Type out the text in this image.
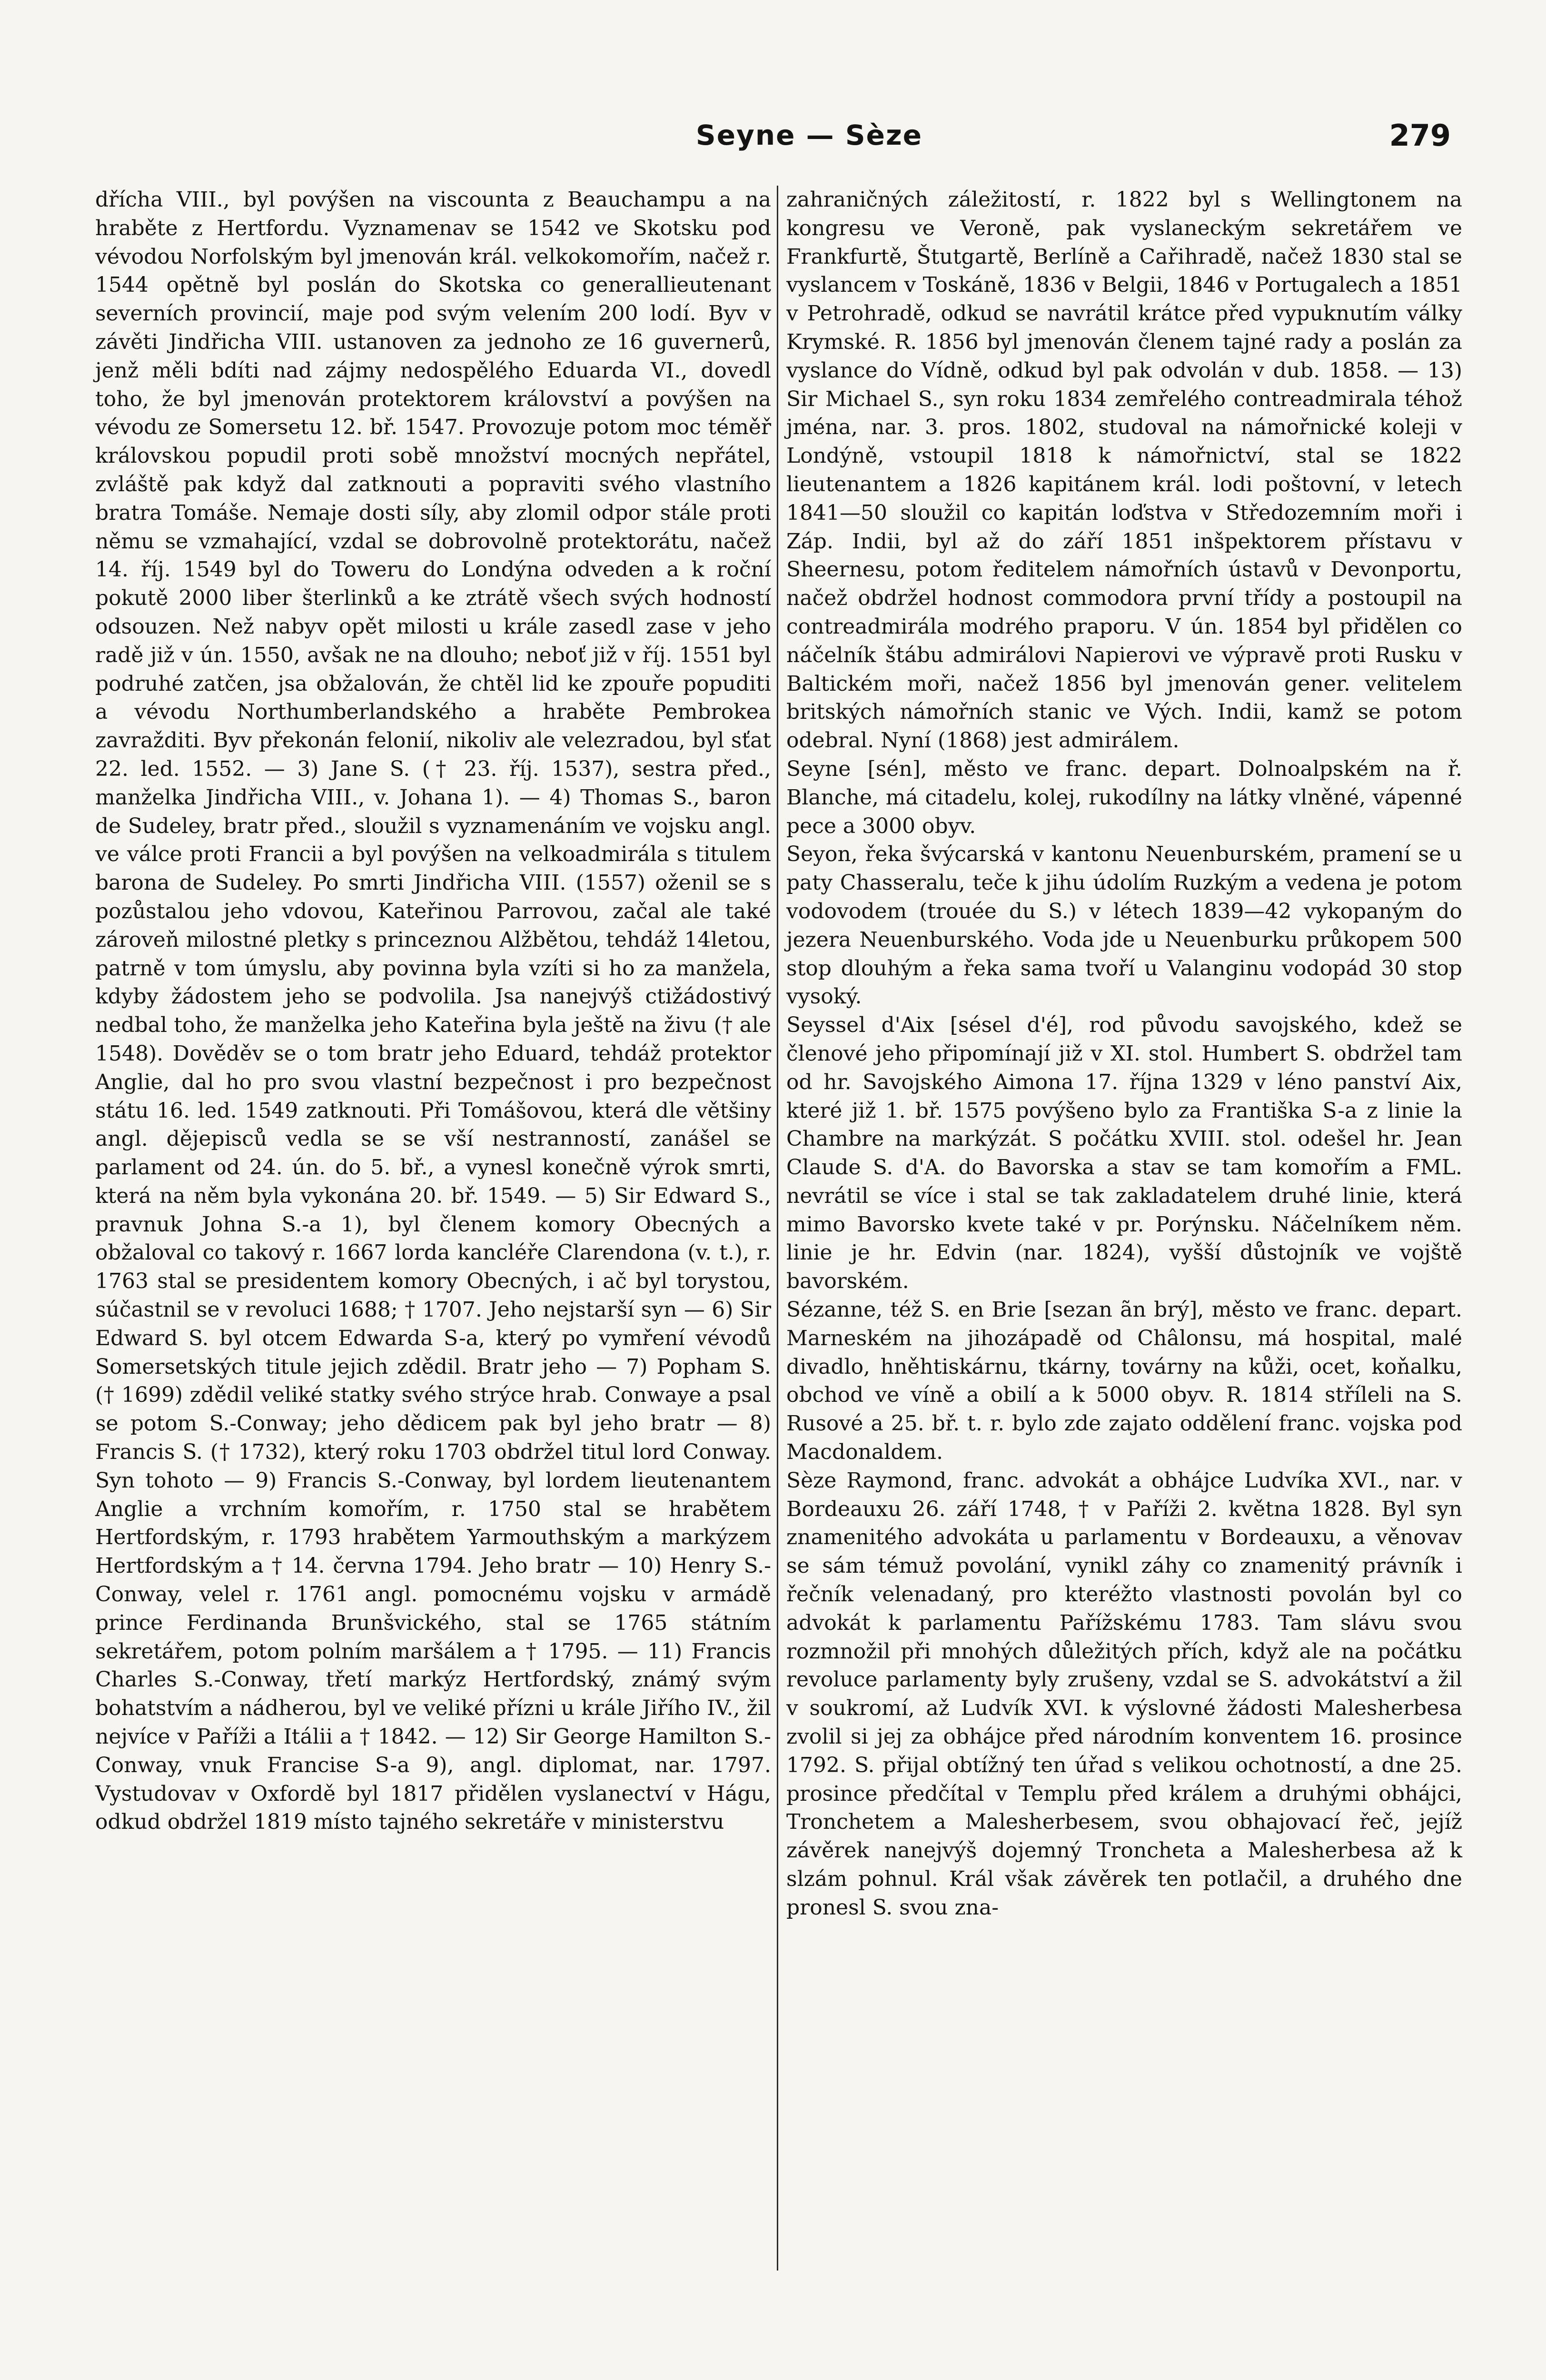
Seyne — Sèze	279

dřícha VIII., byl povýšen na viscounta z Beauchampu a na hraběte z Hertfordu. Vyznamenav se 1542 ve Skotsku pod vévodou Norfolským byl jmenován král. velkokomořím, načež r. 1544 opětně byl poslán do Skotska co generallieutenant severních provincií, maje pod svým velením 200 lodí. Byv v závěti Jindřicha VIII. ustanoven za jednoho ze 16 guvernerů, jenž měli bdíti nad zájmy nedospělého Eduarda VI., dovedl toho, že byl jmenován protektorem království a povýšen na vévodu ze Somersetu 12. bř. 1547. Provozuje potom moc téměř královskou popudil proti sobě množství mocných nepřátel, zvláště pak když dal zatknouti a popraviti svého vlastního bratra Tomáše. Nemaje dosti síly, aby zlomil odpor stále proti němu se vzmahající, vzdal se dobrovolně protektorátu, načež 14. říj. 1549 byl do Toweru do Londýna odveden a k roční pokutě 2000 liber šterlinků a ke ztrátě všech svých hodností odsouzen. Než nabyv opět milosti u krále zasedl zase v jeho radě již v ún. 1550, avšak ne na dlouho; neboť již v říj. 1551 byl podruhé zatčen, jsa obžalován, že chtěl lid ke zpouře popuditi a vévodu Northumberlandského a hraběte Pembrokea zavražditi. Byv překonán felonií, nikoliv ale velezradou, byl sťat 22. led. 1552. — 3) Jane S. († 23. říj. 1537), sestra před., manželka Jindřicha VIII., v. Johana 1). — 4) Thomas S., baron de Sudeley, bratr před., sloužil s vyznamenáním ve vojsku angl. ve válce proti Francii a byl povýšen na velkoadmirála s titulem barona de Sudeley. Po smrti Jindřicha VIII. (1557) oženil se s pozůstalou jeho vdovou, Kateřinou Parrovou, začal ale také zároveň milostné pletky s princeznou Alžbětou, tehdáž 14letou, patrně v tom úmyslu, aby povinna byla vzíti si ho za manžela, kdyby žádostem jeho se podvolila. Jsa nanejvýš ctižádostivý nedbal toho, že manželka jeho Kateřina byla ještě na živu († ale 1548). Dověděv se o tom bratr jeho Eduard, tehdáž protektor Anglie, dal ho pro svou vlastní bezpečnost i pro bezpečnost státu 16. led. 1549 zatknouti. Při Tomášovou, která dle většiny angl. dějepisců vedla se se vší nestranností, zanášel se parlament od 24. ún. do 5. bř., a vynesl konečně výrok smrti, která na něm byla vykonána 20. bř. 1549. — 5) Sir Edward S., pravnuk Johna S.-a 1), byl členem komory Obecných a obžaloval co takový r. 1667 lorda kancléře Clarendona (v. t.), r. 1763 stal se presidentem komory Obecných, i ač byl torystou, súčastnil se v revoluci 1688; † 1707. Jeho nejstarší syn — 6) Sir Edward S. byl otcem Edwarda S-a, který po vymření vévodů Somersetských titule jejich zdědil. Bratr jeho — 7) Popham S. († 1699) zdědil veliké statky svého strýce hrab. Conwaye a psal se potom S.-Conway; jeho dědicem pak byl jeho bratr — 8) Francis S. († 1732), který roku 1703 obdržel titul lord Conway. Syn tohoto — 9) Francis S.-Conway, byl lordem lieutenantem Anglie a vrchním komořím, r. 1750 stal se hrabětem Hertfordským, r. 1793 hrabětem Yarmouthským a markýzem Hertfordským a † 14. června 1794. Jeho bratr — 10) Henry S.-Conway, velel r. 1761 angl. pomocnému vojsku v armádě prince Ferdinanda Brunšvického, stal se 1765 státním sekretářem, potom polním maršálem a † 1795. — 11) Francis Charles S.-Conway, třetí markýz Hertfordský, známý svým bohatstvím a nádherou, byl ve veliké přízni u krále Jiřího IV., žil nejvíce v Paříži a Itálii a † 1842. — 12) Sir George Hamilton S.-Conway, vnuk Francise S-a 9), angl. diplomat, nar. 1797. Vystudovav v Oxfordě byl 1817 přidělen vyslanectví v Hágu, odkud obdržel 1819 místo tajného sekretáře v ministerstvu

zahraničných záležitostí, r. 1822 byl s Wellingtonem na kongresu ve Veroně, pak vyslaneckým sekretářem ve Frankfurtě, Štutgartě, Berlíně a Cařihradě, načež 1830 stal se vyslancem v Toskáně, 1836 v Belgii, 1846 v Portugalech a 1851 v Petrohradě, odkud se navrátil krátce před vypuknutím války Krymské. R. 1856 byl jmenován členem tajné rady a poslán za vyslance do Vídně, odkud byl pak odvolán v dub. 1858. — 13) Sir Michael S., syn roku 1834 zemřelého contreadmirala téhož jména, nar. 3. pros. 1802, studoval na námořnické koleji v Londýně, vstoupil 1818 k námořnictví, stal se 1822 lieutenantem a 1826 kapitánem král. lodi poštovní, v letech 1841—50 sloužil co kapitán loďstva v Středozemním moři i Záp. Indii, byl až do září 1851 inšpektorem přístavu v Sheernesu, potom ředitelem námořních ústavů v Devonportu, načež obdržel hodnost commodora první třídy a postoupil na contreadmirála modrého praporu. V ún. 1854 byl přidělen co náčelník štábu admirálovi Napierovi ve výpravě proti Rusku v Baltickém moři, načež 1856 byl jmenován gener. velitelem britských námořních stanic ve Vých. Indii, kamž se potom odebral. Nyní (1868) jest admirálem.

Seyne [sén], město ve franc. depart. Dolnoalpském na ř. Blanche, má citadelu, kolej, rukodílny na látky vlněné, vápenné pece a 3000 obyv.

Seyon, řeka švýcarská v kantonu Neuenburském, pramení se u paty Chasseralu, teče k jihu údolím Ruzkým a vedena je potom vodovodem (trouée du S.) v létech 1839—42 vykopaným do jezera Neuenburského. Voda jde u Neuenburku průkopem 500 stop dlouhým a řeka sama tvoří u Valanginu vodopád 30 stop vysoký.

Seyssel d'Aix [sésel d'é], rod původu savojského, kdež se členové jeho připomínají již v XI. stol. Humbert S. obdržel tam od hr. Savojského Aimona 17. října 1329 v léno panství Aix, které již 1. bř. 1575 povýšeno bylo za Františka S-a z linie la Chambre na markýzát. S počátku XVIII. stol. odešel hr. Jean Claude S. d'A. do Bavorska a stav se tam komořím a FML. nevrátil se více i stal se tak zakladatelem druhé linie, která mimo Bavorsko kvete také v pr. Porýnsku. Náčelníkem něm. linie je hr. Edvin (nar. 1824), vyšší důstojník ve vojště bavorském.

Sézanne, též S. en Brie [sezan ãn brý], město ve franc. depart. Marneském na jihozápadě od Châlonsu, má hospital, malé divadlo, hněhtiskárnu, tkárny, továrny na kůži, ocet, koňalku, obchod ve víně a obilí a k 5000 obyv. R. 1814 stříleli na S. Rusové a 25. bř. t. r. bylo zde zajato oddělení franc. vojska pod Macdonaldem.

Sèze Raymond, franc. advokát a obhájce Ludvíka XVI., nar. v Bordeauxu 26. září 1748, † v Paříži 2. května 1828. Byl syn znamenitého advokáta u parlamentu v Bordeauxu, a věnovav se sám témuž povolání, vynikl záhy co znamenitý právník i řečník velenadaný, pro kteréžto vlastnosti povolán byl co advokát k parlamentu Pařížskému 1783. Tam slávu svou rozmnožil při mnohých důležitých přích, když ale na počátku revoluce parlamenty byly zrušeny, vzdal se S. advokátství a žil v soukromí, až Ludvík XVI. k výslovné žádosti Malesherbesa zvolil si jej za obhájce před národním konventem 16. prosince 1792. S. přijal obtížný ten úřad s velikou ochotností, a dne 25. prosince předčítal v Templu před králem a druhými obhájci, Tronchetem a Malesherbesem, svou obhajovací řeč, jejíž závěrek nanejvýš dojemný Troncheta a Malesherbesa až k slzám pohnul. Král však závěrek ten potlačil, a druhého dne pronesl S. svou zna-
